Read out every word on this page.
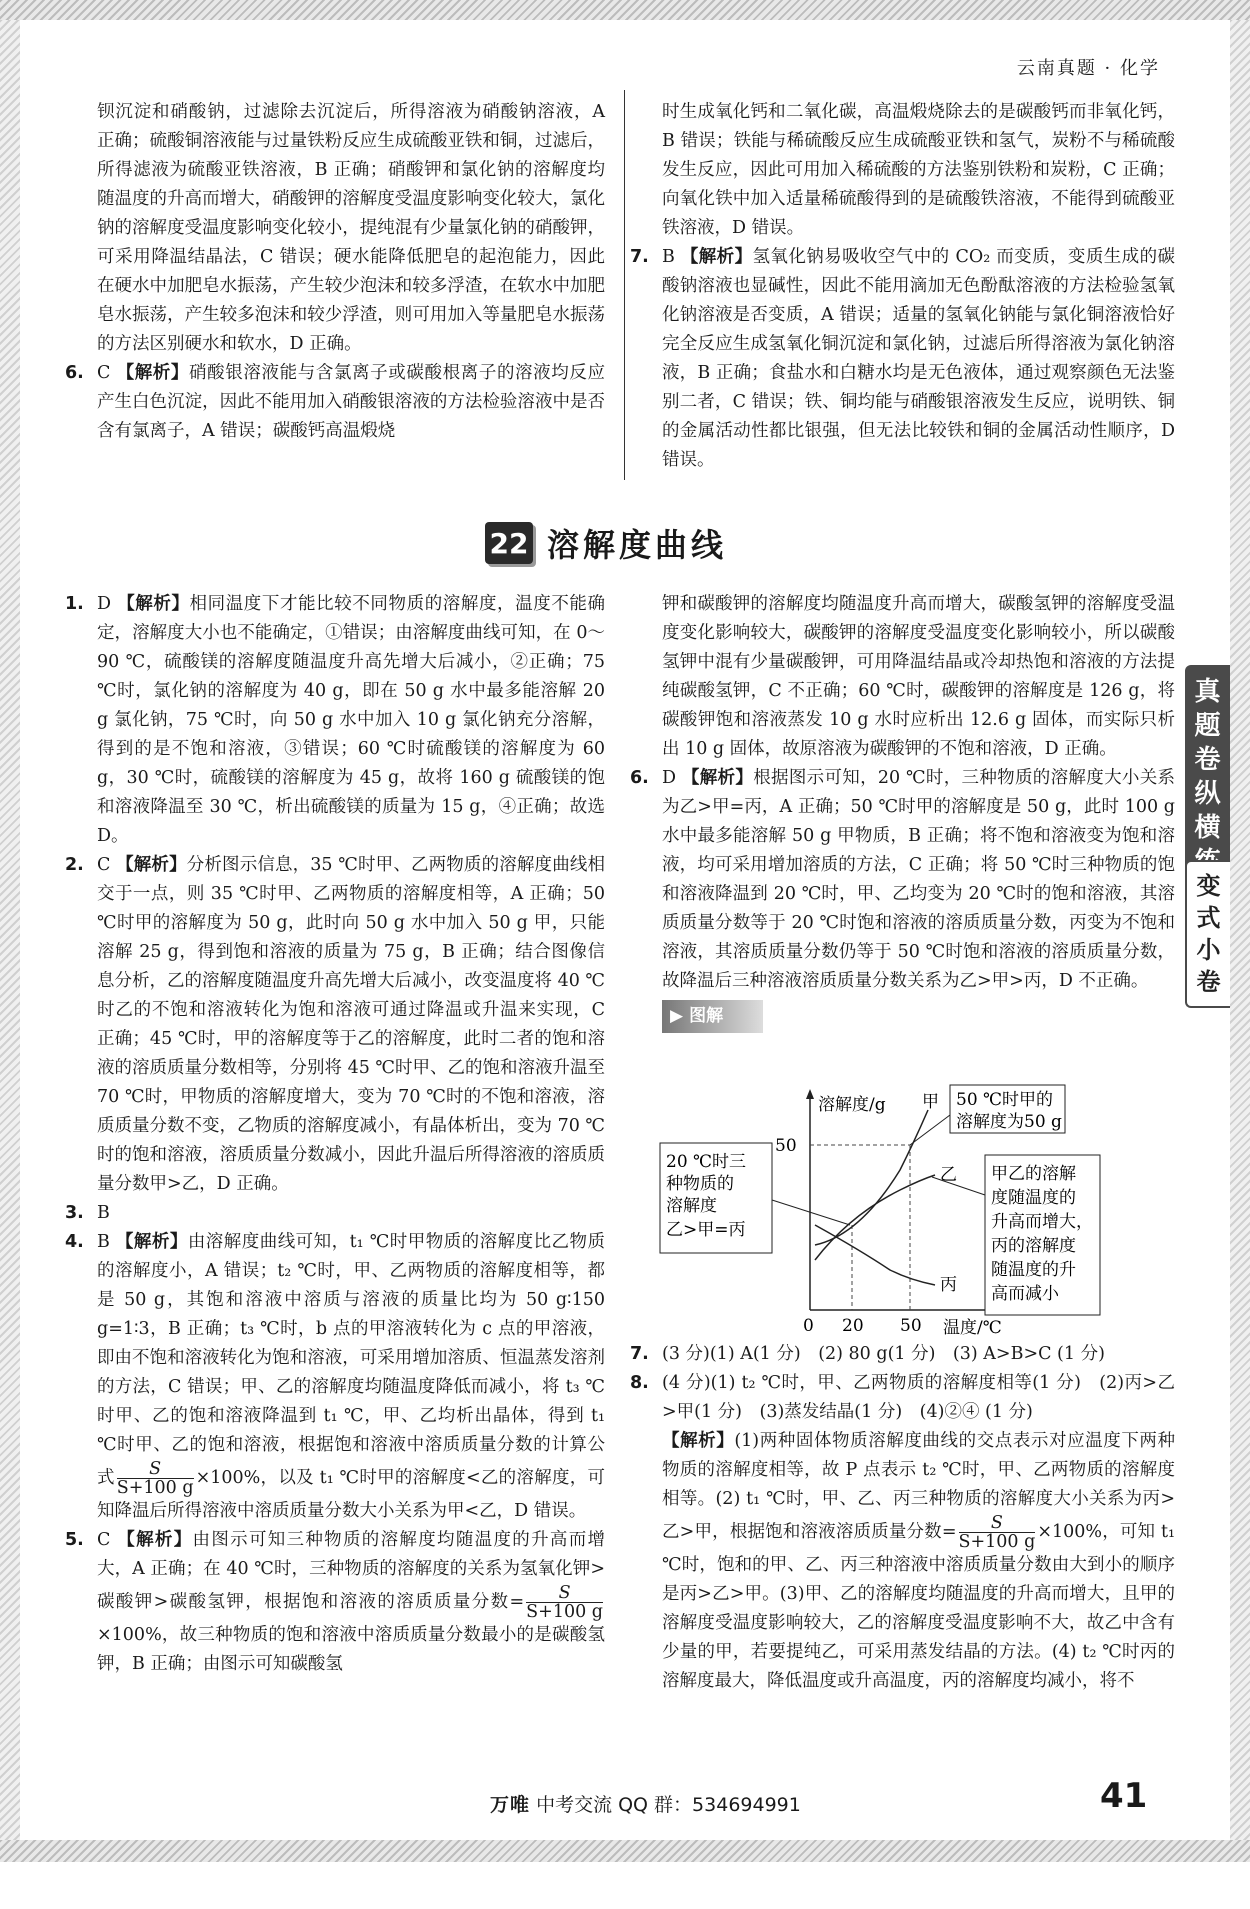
云南真题 · 化学

钡沉淀和硝酸钠，过滤除去沉淀后，所得溶液为硝酸钠溶液，A 正确；硫酸铜溶液能与过量铁粉反应生成硫酸亚铁和铜，过滤后，所得滤液为硫酸亚铁溶液，B 正确；硝酸钾和氯化钠的溶解度均随温度的升高而增大，硝酸钾的溶解度受温度影响变化较大，氯化钠的溶解度受温度影响变化较小，提纯混有少量氯化钠的硝酸钾，可采用降温结晶法，C 错误；硬水能降低肥皂的起泡能力，因此在硬水中加肥皂水振荡，产生较少泡沫和较多浮渣，在软水中加肥皂水振荡，产生较多泡沫和较少浮渣，则可用加入等量肥皂水振荡的方法区别硬水和软水，D 正确。

6. C 【解析】硝酸银溶液能与含氯离子或碳酸根离子的溶液均反应产生白色沉淀，因此不能用加入硝酸银溶液的方法检验溶液中是否含有氯离子，A 错误；碳酸钙高温煅烧

时生成氧化钙和二氧化碳，高温煅烧除去的是碳酸钙而非氧化钙，B 错误；铁能与稀硫酸反应生成硫酸亚铁和氢气，炭粉不与稀硫酸发生反应，因此可用加入稀硫酸的方法鉴别铁粉和炭粉，C 正确；向氧化铁中加入适量稀硫酸得到的是硫酸铁溶液，不能得到硫酸亚铁溶液，D 错误。

7. B 【解析】氢氧化钠易吸收空气中的 CO₂ 而变质，变质生成的碳酸钠溶液也显碱性，因此不能用滴加无色酚酞溶液的方法检验氢氧化钠溶液是否变质，A 错误；适量的氢氧化钠能与氯化铜溶液恰好完全反应生成氢氧化铜沉淀和氯化钠，过滤后所得溶液为氯化钠溶液，B 正确；食盐水和白糖水均是无色液体，通过观察颜色无法鉴别二者，C 错误；铁、铜均能与硝酸银溶液发生反应，说明铁、铜的金属活动性都比银强，但无法比较铁和铜的金属活动性顺序，D 错误。

22 溶解度曲线
真题卷纵横
变式小卷

1. D 【解析】相同温度下才能比较不同物质的溶解度，温度不能确定，溶解度大小也不能确定，①错误；由溶解度曲线可知，在 0～90 ℃，硫酸镁的溶解度随温度升高先增大后减小，②正确；75 ℃时，氯化钠的溶解度为 40 g，即在 50 g 水中最多能溶解 20 g 氯化钠，75 ℃时，向 50 g 水中加入 10 g 氯化钠充分溶解，得到的是不饱和溶液，③错误；60 ℃时硫酸镁的溶解度为 60 g，30 ℃时，硫酸镁的溶解度为 45 g，故将 160 g 硫酸镁的饱和溶液降温至 30 ℃，析出硫酸镁的质量为 15 g，④正确；故选 D。

2. C 【解析】分析图示信息，35 ℃时甲、乙两物质的溶解度曲线相交于一点，则 35 ℃时甲、乙两物质的溶解度相等，A 正确；50 ℃时甲的溶解度为 50 g，此时向 50 g 水中加入 50 g 甲，只能溶解 25 g，得到饱和溶液的质量为 75 g，B 正确；结合图像信息分析，乙的溶解度随温度升高先增大后减小，改变温度将 40 ℃时乙的不饱和溶液转化为饱和溶液可通过降温或升温来实现，C 正确；45 ℃时，甲的溶解度等于乙的溶解度，此时二者的饱和溶液的溶质质量分数相等，分别将 45 ℃时甲、乙的饱和溶液升温至 70 ℃时，甲物质的溶解度增大，变为 70 ℃时的不饱和溶液，溶质质量分数不变，乙物质的溶解度减小，有晶体析出，变为 70 ℃时的饱和溶液，溶质质量分数减小，因此升温后所得溶液的溶质质量分数甲>乙，D 正确。

3. B

4. B 【解析】由溶解度曲线可知，t₁ ℃时甲物质的溶解度比乙物质的溶解度小，A 错误；t₂ ℃时，甲、乙两物质的溶解度相等，都是 50 g，其饱和溶液中溶质与溶液的质量比均为 50 g∶150 g=1∶3，B 正确；t₃ ℃时，b 点的甲溶液转化为 c 点的甲溶液，即由不饱和溶液转化为饱和溶液，可采用增加溶质、恒温蒸发溶剂的方法，C 错误；甲、乙的溶解度均随温度降低而减小，将 t₃ ℃时甲、乙的饱和溶液降温到 t₁ ℃，甲、乙均析出晶体，得到 t₁ ℃时甲、乙的饱和溶液，根据饱和溶液中溶质质量分数的计算公式 $\frac{S}{S+100 g} \times 100\%$，以及 t₁ ℃时甲的溶解度<乙的溶解度，可知降温后所得溶液中溶质质量分数大小关系为甲<乙，D 错误。

5. C 【解析】由图示可知三种物质的溶解度均随温度的升高而增大，A 正确；在 40 ℃时，三种物质的溶解度的关系为氢氧化钾>碳酸钾>碳酸氢钾，根据饱和溶液的溶质质量分数= $\frac{S}{S+100 g}$
×100%，故三种物质的饱和溶液中溶质质量分数最小的是碳酸氢钾，B 正确；由图示可知碳酸氢

钾和碳酸钾的溶解度均随温度升高而增大，碳酸氢钾的溶解度受温度变化影响较大，碳酸钾的溶解度受温度变化影响较小，所以碳酸氢钾中混有少量碳酸钾，可用降温结晶或冷却热饱和溶液的方法提纯碳酸氢钾，C 不正确；60 ℃时，碳酸钾的溶解度是 126 g，将碳酸钾饱和溶液蒸发 10 g 水时应析出 12.6 g 固体，而实际只析出 10 g 固体，故原溶液为碳酸钾的不饱和溶液，D 正确。

6. D 【解析】根据图示可知，20 ℃时，三种物质的溶解度大小关系为乙>甲=丙，A 正确；50 ℃时甲的溶解度是 50 g，此时 100 g 水中最多能溶解 50 g 甲物质，B 正确；将不饱和溶液变为饱和溶液，均可采用增加溶质的方法，C 正确；将 50 ℃时三种物质的饱和溶液降温到 20 ℃时，甲、乙均变为 20 ℃时的饱和溶液，其溶质质量分数等于 20 ℃时饱和溶液的溶质质量分数，丙变为不饱和溶液，其溶质质量分数仍等于 50 ℃时饱和溶液的溶质质量分数，故降温后三种溶液溶质质量分数关系为乙>甲>丙，D 不正确。

▶ 图解
溶解度/g
温度/℃
50
0 20 50
甲
乙
丙
20 ℃时三
种物质的
溶解度
乙>甲=丙
50 ℃时甲的
溶解度为50 g
甲乙的溶解
度随温度的
升高而增大，
丙的溶解度
随温度的升
高而减小

7. (3 分)(1) A(1 分)　(2) 80 g(1 分)　(3) A>B>C (1 分)

8. (4 分)(1) t₂ ℃时，甲、乙两物质的溶解度相等(1 分)　(2)丙>乙>甲(1 分)　(3)蒸发结晶(1 分)　(4)②④ (1 分)

【解析】(1)两种固体物质溶解度曲线的交点表示对应温度下两种物质的溶解度相等，故 P 点表示 t₂ ℃时，甲、乙两物质的溶解度相等。(2) t₁ ℃时，甲、乙、丙三种物质的溶解度大小关系为丙>乙>甲，根据饱和溶液溶质质量分数= $\frac{S}{S+100 g} \times 100\%$，可知 t₁ ℃时，饱和的甲、乙、丙三种溶液中溶质质量分数由大到小的顺序是丙>乙>甲。(3)甲、乙的溶解度均随温度的升高而增大，且甲的溶解度受温度影响较大，乙的溶解度受温度影响不大，故乙中含有少量的甲，若要提纯乙，可采用蒸发结晶的方法。(4) t₂ ℃时丙的溶解度最大，降低温度或升高温度，丙的溶解度均减小，将不

万唯 中考交流 QQ 群：534694991	41
